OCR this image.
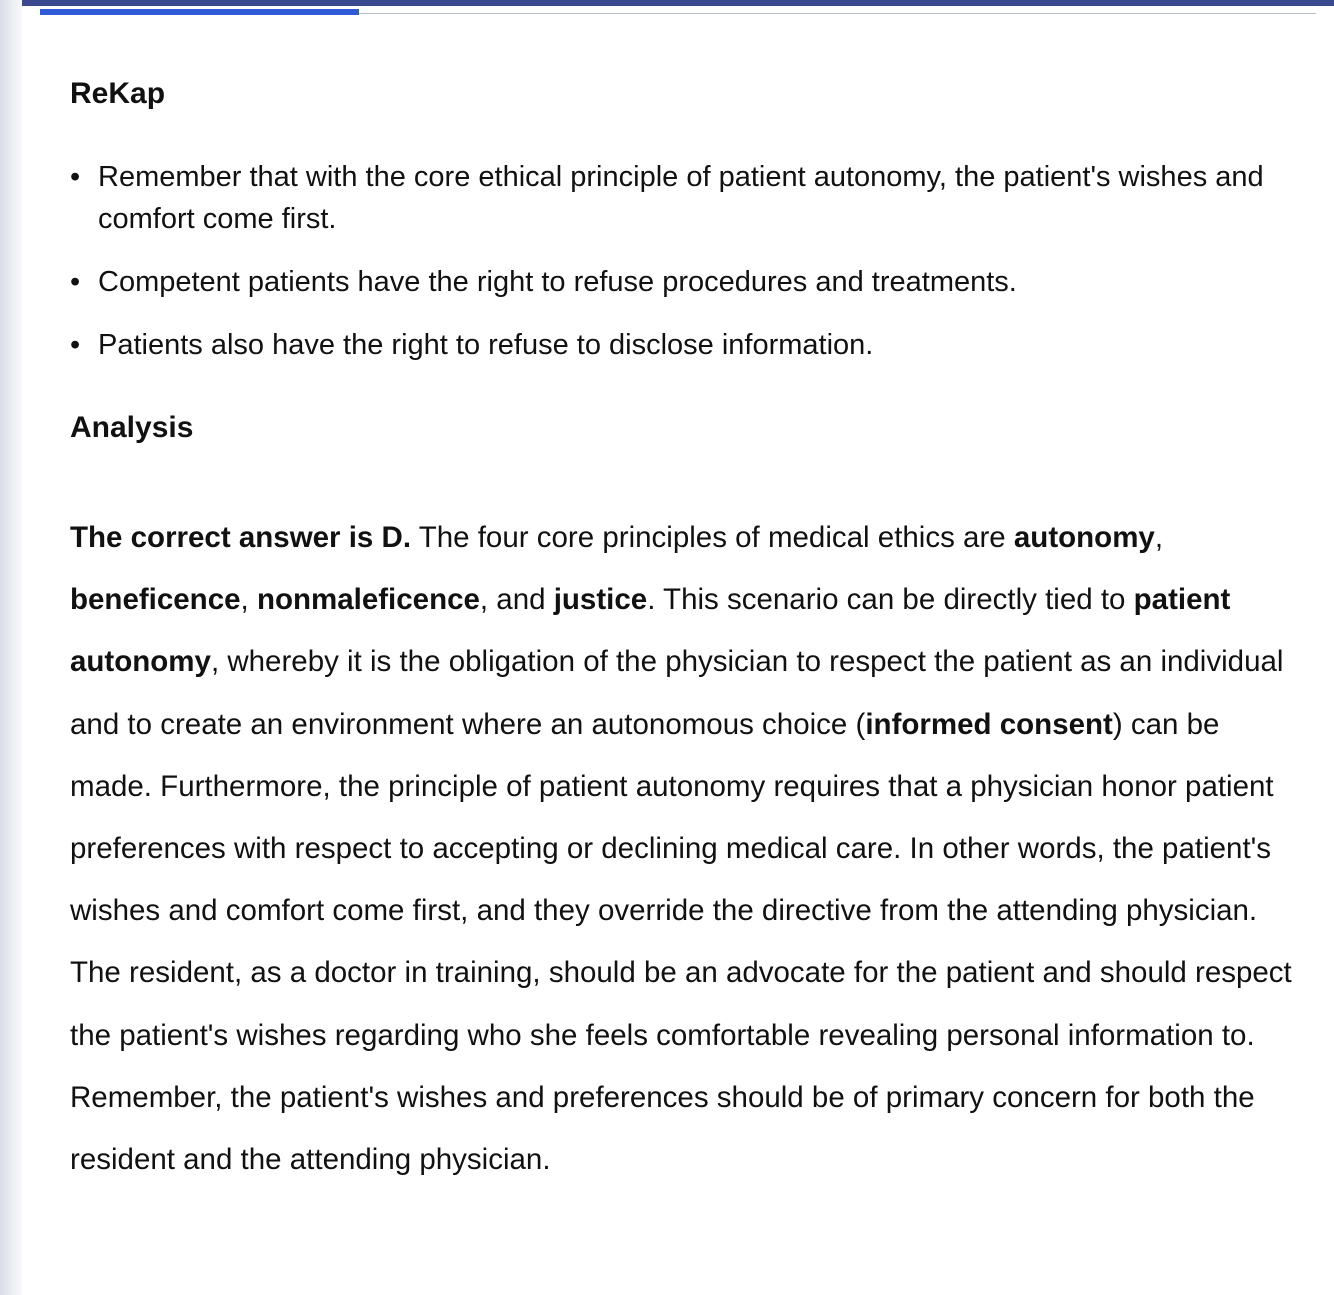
ReKap
• Remember that with the core ethical principle of patient autonomy, the patient's wishes and comfort come first.
• Competent patients have the right to refuse procedures and treatments.
• Patients also have the right to refuse to disclose information.
Analysis

The correct answer is D. The four core principles of medical ethics are autonomy, beneficence, nonmaleficence, and justice. This scenario can be directly tied to patient autonomy, whereby it is the obligation of the physician to respect the patient as an individual and to create an environment where an autonomous choice (informed consent) can be made. Furthermore, the principle of patient autonomy requires that a physician honor patient preferences with respect to accepting or declining medical care. In other words, the patient's wishes and comfort come first, and they override the directive from the attending physician. The resident, as a doctor in training, should be an advocate for the patient and should respect the patient's wishes regarding who she feels comfortable revealing personal information to. Remember, the patient's wishes and preferences should be of primary concern for both the resident and the attending physician.
